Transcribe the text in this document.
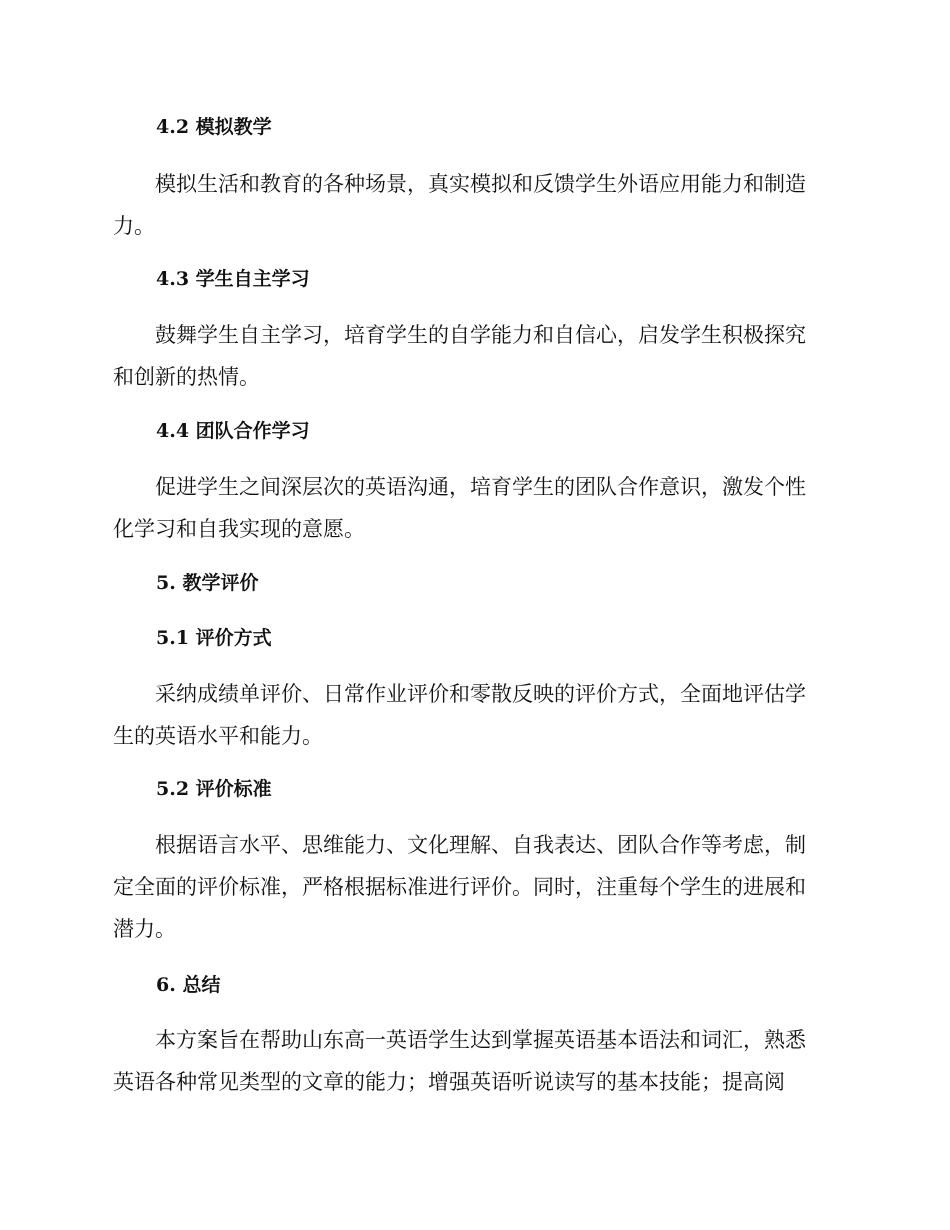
4.2 模拟教学
模拟生活和教育的各种场景，真实模拟和反馈学生外语应用能力和制造
力。
4.3 学生自主学习
鼓舞学生自主学习，培育学生的自学能力和自信心，启发学生积极探究
和创新的热情。
4.4 团队合作学习
促进学生之间深层次的英语沟通，培育学生的团队合作意识，激发个性
化学习和自我实现的意愿。
5. 教学评价
5.1 评价方式
采纳成绩单评价、日常作业评价和零散反映的评价方式，全面地评估学
生的英语水平和能力。
5.2 评价标准
根据语言水平、思维能力、文化理解、自我表达、团队合作等考虑，制
定全面的评价标准，严格根据标准进行评价。同时，注重每个学生的进展和
潜力。
6. 总结
本方案旨在帮助山东高一英语学生达到掌握英语基本语法和词汇，熟悉
英语各种常见类型的文章的能力；增强英语听说读写的基本技能；提高阅
